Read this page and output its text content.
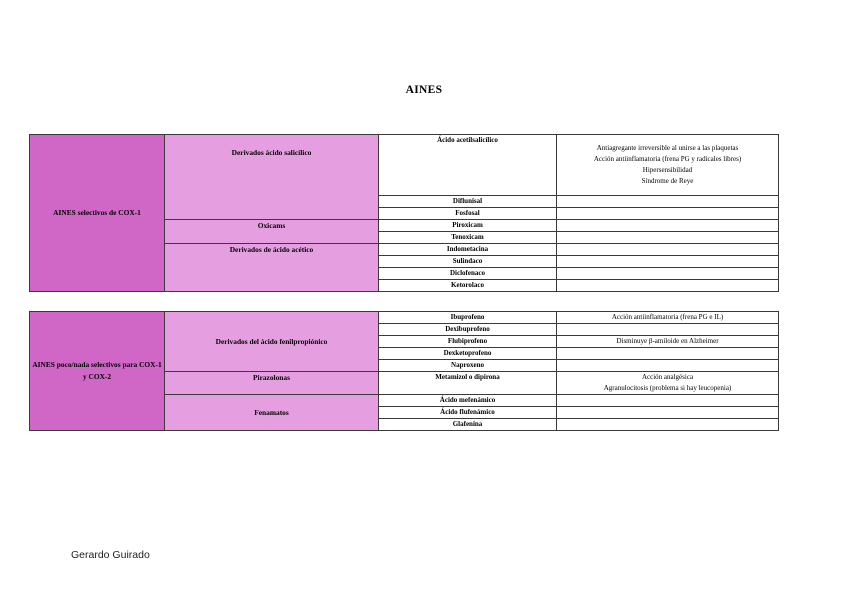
AINES
AINES selectivos de COX-1	Derivados ácido salicílico	Ácido acetilsalicílico	Antiagregante irreversible al unirse a las plaquetas
Acción antiinflamatoria (frena PG y radicales libres)
Hipersensibilidad
Síndrome de Reye

		Diflunisal	
		Fosfosal	
	Oxicams	Piroxicam	
		Tenoxicam	
	Derivados de ácido acético	Indometacina	
		Sulindaco	
		Diclofenaco	
		Ketorolaco	
AINES poco/nada selectivos para COX-1 y COX-2	Derivados del ácido fenilpropiónico	Ibuprofeno	Acción antiinflamatoria (frena PG e IL)
		Dexibuprofeno	
		Flubiprofeno	Disminuye β-amiloide en Alzheimer
		Dexketoprofeno	
		Naproxeno	
	Pirazolonas	Metamizol o dipirona	Acción analgésica
Agranulocitosis (problema si hay leucopenia)

	Fenamatos	Ácido mefenámico	
		Ácido flufenámico	
		Glafenina	
Gerardo Guirado
